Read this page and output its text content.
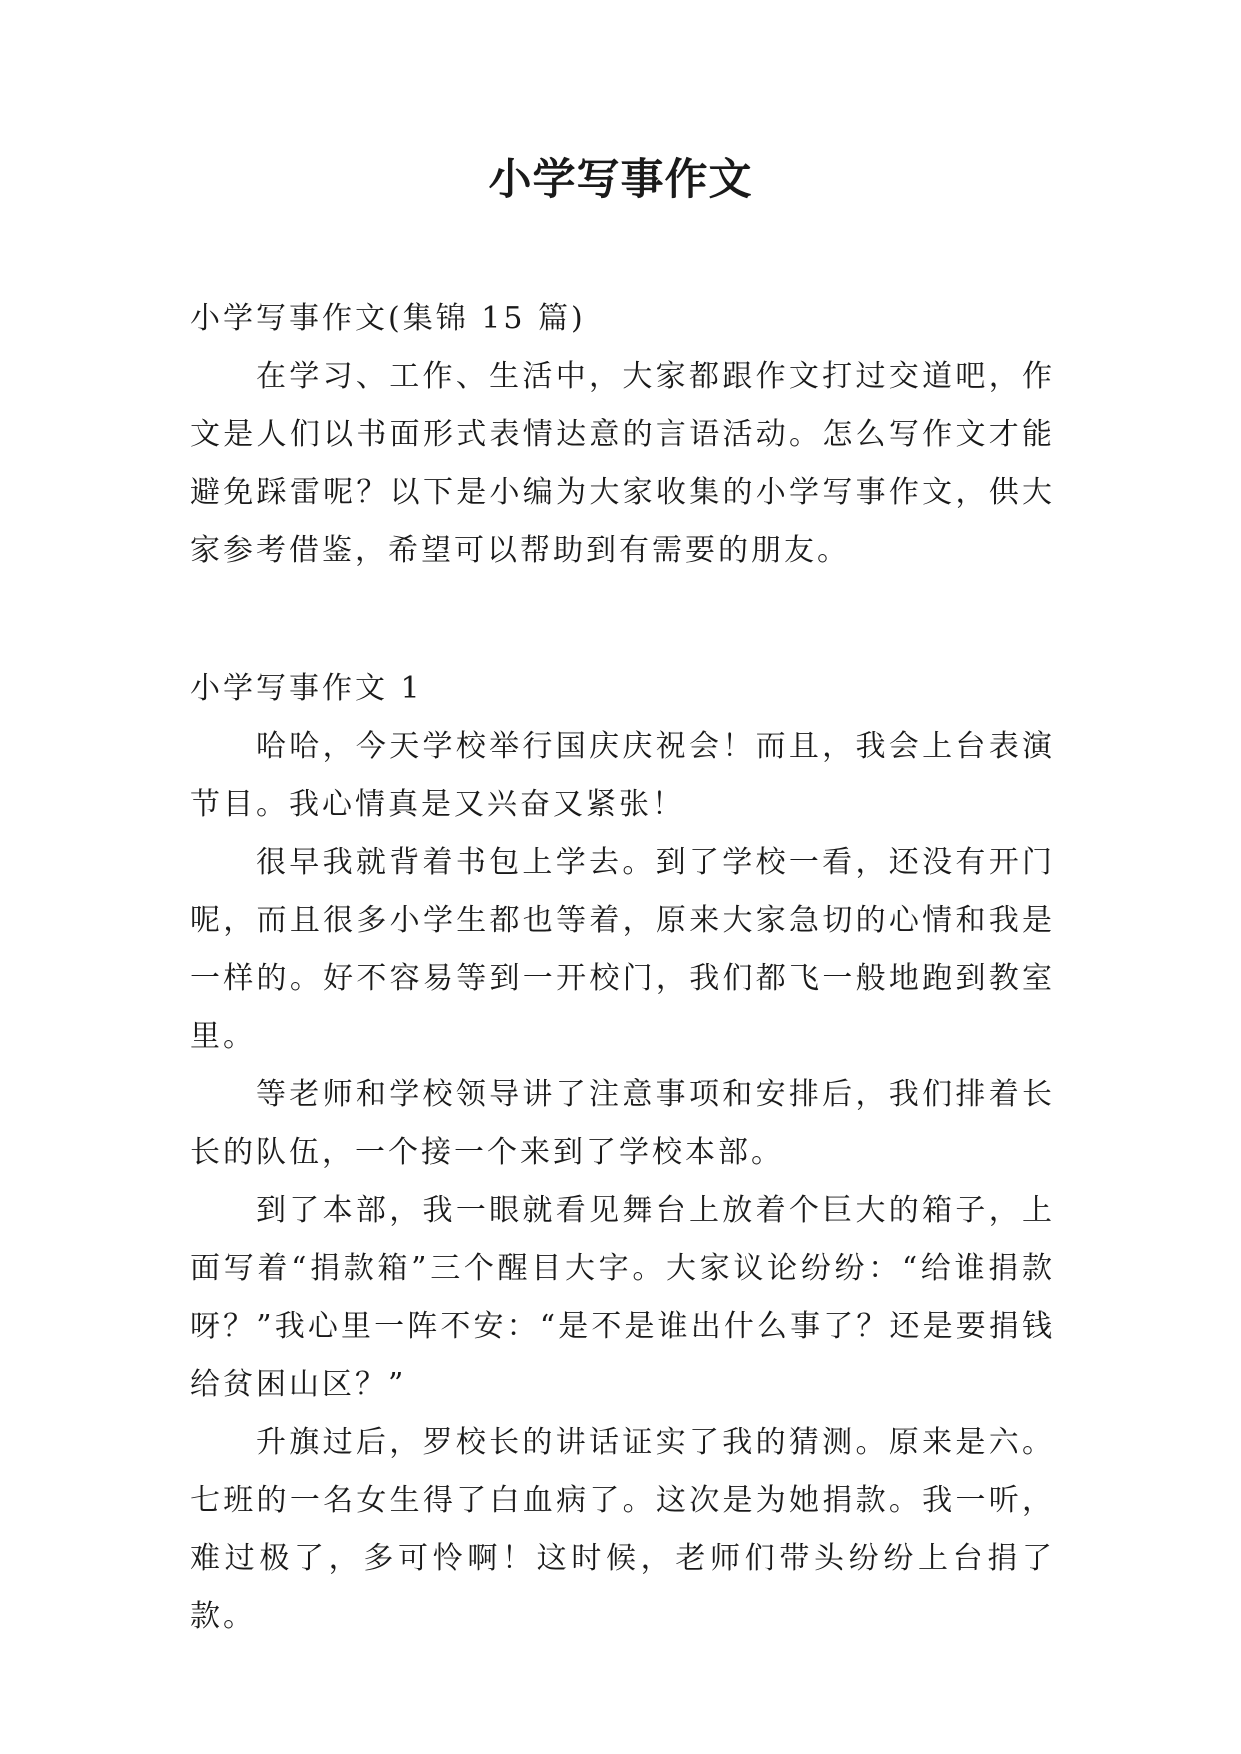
小学写事作文

小学写事作文(集锦 15 篇)

在学习、工作、生活中，大家都跟作文打过交道吧，作文是人们以书面形式表情达意的言语活动。怎么写作文才能避免踩雷呢？以下是小编为大家收集的小学写事作文，供大家参考借鉴，希望可以帮助到有需要的朋友。

小学写事作文 1

哈哈，今天学校举行国庆庆祝会！而且，我会上台表演节目。我心情真是又兴奋又紧张！

很早我就背着书包上学去。到了学校一看，还没有开门呢，而且很多小学生都也等着，原来大家急切的心情和我是一样的。好不容易等到一开校门，我们都飞一般地跑到教室里。

等老师和学校领导讲了注意事项和安排后，我们排着长长的队伍，一个接一个来到了学校本部。

到了本部，我一眼就看见舞台上放着个巨大的箱子，上面写着“捐款箱”三个醒目大字。大家议论纷纷：“给谁捐款呀？”我心里一阵不安：“是不是谁出什么事了？还是要捐钱给贫困山区？”

升旗过后，罗校长的讲话证实了我的猜测。原来是六。七班的一名女生得了白血病了。这次是为她捐款。我一听，难过极了，多可怜啊！这时候，老师们带头纷纷上台捐了款。
